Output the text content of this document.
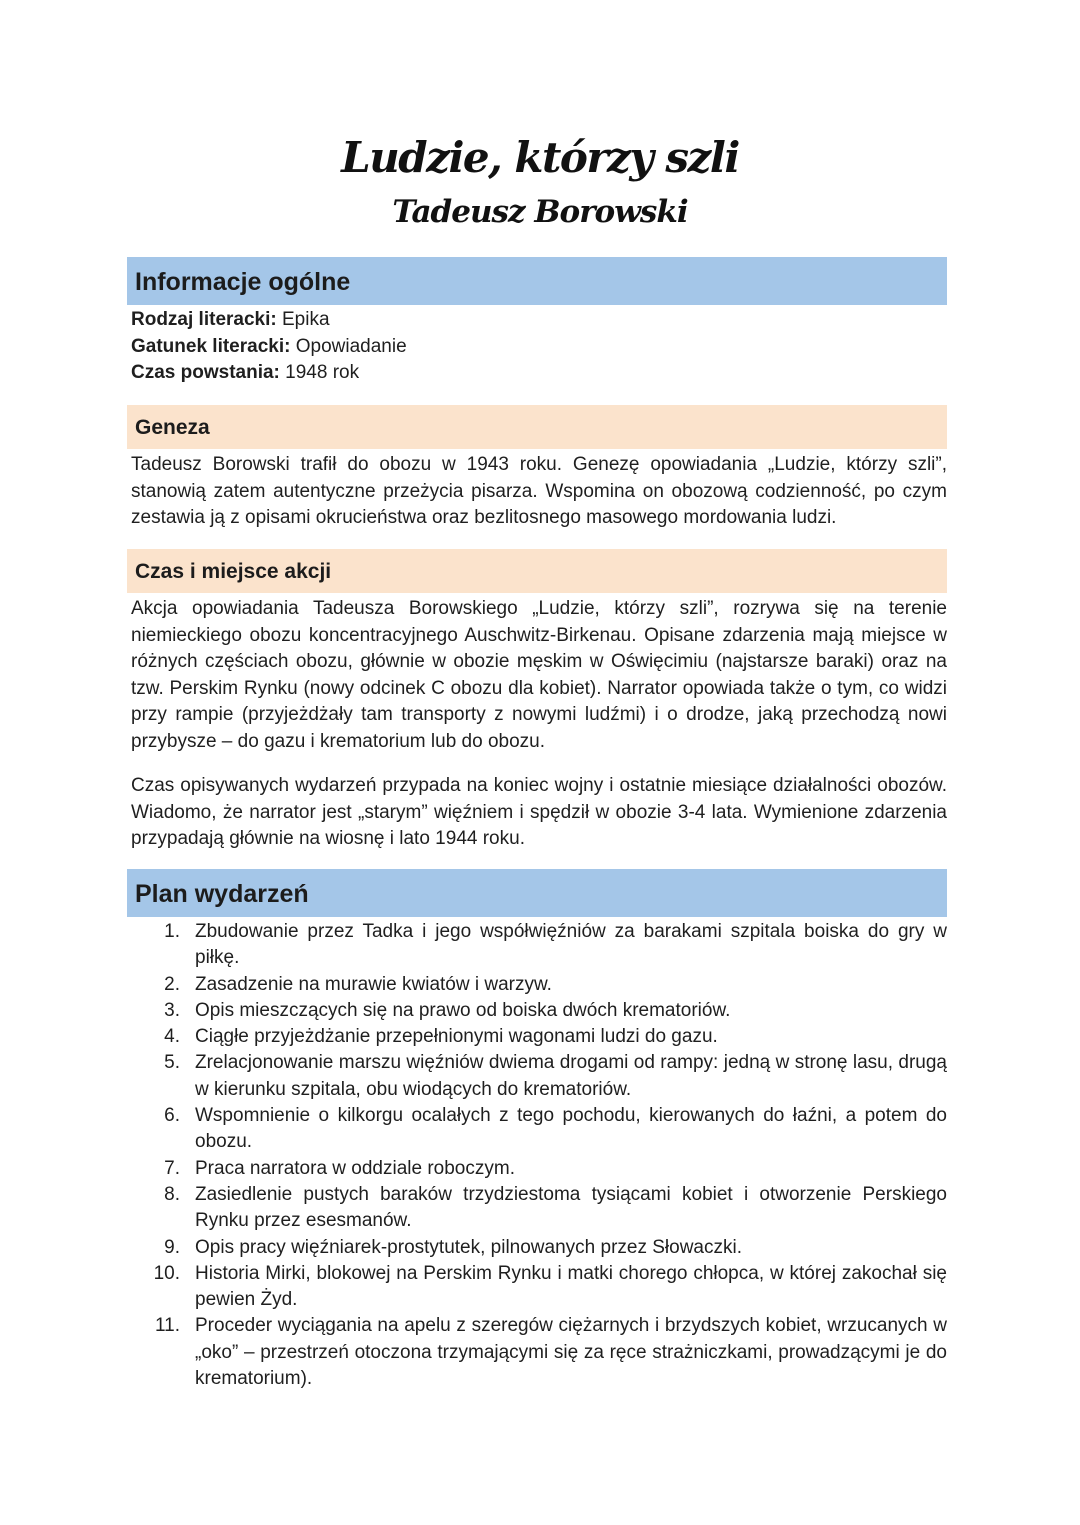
Ludzie, którzy szli
Tadeusz Borowski
Informacje ogólne
Rodzaj literacki: Epika
Gatunek literacki: Opowiadanie
Czas powstania: 1948 rok
Geneza

Tadeusz Borowski trafił do obozu w 1943 roku. Genezę opowiadania „Ludzie, którzy szli”, stanowią zatem autentyczne przeżycia pisarza. Wspomina on obozową codzienność, po czym zestawia ją z opisami okrucieństwa oraz bezlitosnego masowego mordowania ludzi.

Czas i miejsce akcji

Akcja opowiadania Tadeusza Borowskiego „Ludzie, którzy szli”, rozrywa się na terenie niemieckiego obozu koncentracyjnego Auschwitz-Birkenau. Opisane zdarzenia mają miejsce w różnych częściach obozu, głównie w obozie męskim w Oświęcimiu (najstarsze baraki) oraz na tzw. Perskim Rynku (nowy odcinek C obozu dla kobiet). Narrator opowiada także o tym, co widzi przy rampie (przyjeżdżały tam transporty z nowymi ludźmi) i o drodze, jaką przechodzą nowi przybysze – do gazu i krematorium lub do obozu.

Czas opisywanych wydarzeń przypada na koniec wojny i ostatnie miesiące działalności obozów. Wiadomo, że narrator jest „starym” więźniem i spędził w obozie 3-4 lata. Wymienione zdarzenia przypadają głównie na wiosnę i lato 1944 roku.

Plan wydarzeń
1. Zbudowanie przez Tadka i jego współwięźniów za barakami szpitala boiska do gry w piłkę.
2. Zasadzenie na murawie kwiatów i warzyw.
3. Opis mieszczących się na prawo od boiska dwóch krematoriów.
4. Ciągłe przyjeżdżanie przepełnionymi wagonami ludzi do gazu.
5. Zrelacjonowanie marszu więźniów dwiema drogami od rampy: jedną w stronę lasu, drugą w kierunku szpitala, obu wiodących do krematoriów.
6. Wspomnienie o kilkorgu ocalałych z tego pochodu, kierowanych do łaźni, a potem do obozu.
7. Praca narratora w oddziale roboczym.
8. Zasiedlenie pustych baraków trzydziestoma tysiącami kobiet i otworzenie Perskiego Rynku przez esesmanów.
9. Opis pracy więźniarek-prostytutek, pilnowanych przez Słowaczki.
10. Historia Mirki, blokowej na Perskim Rynku i matki chorego chłopca, w której zakochał się pewien Żyd.
11. Proceder wyciągania na apelu z szeregów ciężarnych i brzydszych kobiet, wrzucanych w „oko” – przestrzeń otoczona trzymającymi się za ręce strażniczkami, prowadzącymi je do krematorium).
